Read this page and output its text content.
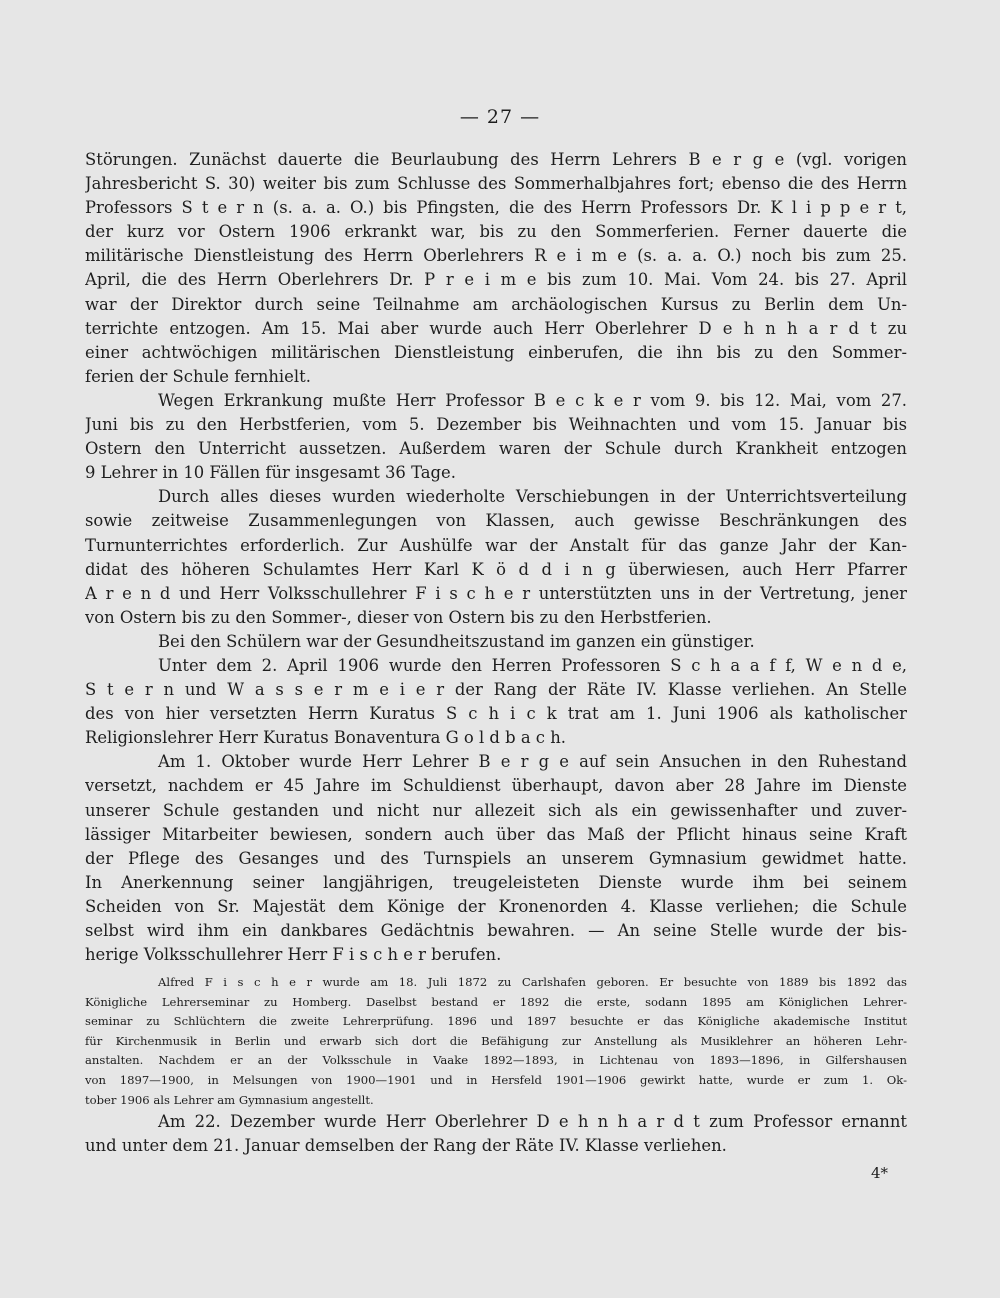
— 27 —
Störungen. Zunächst dauerte die Beurlaubung des Herrn Lehrers B e r g e (vgl. vorigen
Jahresbericht S. 30) weiter bis zum Schlusse des Sommerhalbjahres fort; ebenso die des Herrn
Professors S t e r n (s. a. a. O.) bis Pfingsten, die des Herrn Professors Dr. K l i p p e r t,
der kurz vor Ostern 1906 erkrankt war, bis zu den Sommerferien. Ferner dauerte die
militärische Dienstleistung des Herrn Oberlehrers R e i m e (s. a. a. O.) noch bis zum 25.
April, die des Herrn Oberlehrers Dr. P r e i m e bis zum 10. Mai. Vom 24. bis 27. April
war der Direktor durch seine Teilnahme am archäologischen Kursus zu Berlin dem Un-
terrichte entzogen. Am 15. Mai aber wurde auch Herr Oberlehrer D e h n h a r d t zu
einer achtwöchigen militärischen Dienstleistung einberufen, die ihn bis zu den Sommer-
ferien der Schule fernhielt.
Wegen Erkrankung mußte Herr Professor B e c k e r vom 9. bis 12. Mai, vom 27.
Juni bis zu den Herbstferien, vom 5. Dezember bis Weihnachten und vom 15. Januar bis
Ostern den Unterricht aussetzen. Außerdem waren der Schule durch Krankheit entzogen
9 Lehrer in 10 Fällen für insgesamt 36 Tage.
Durch alles dieses wurden wiederholte Verschiebungen in der Unterrichtsverteilung
sowie zeitweise Zusammenlegungen von Klassen, auch gewisse Beschränkungen des
Turnunterrichtes erforderlich. Zur Aushülfe war der Anstalt für das ganze Jahr der Kan-
didat des höheren Schulamtes Herr Karl K ö d d i n g überwiesen, auch Herr Pfarrer
A r e n d und Herr Volksschullehrer F i s c h e r unterstützten uns in der Vertretung, jener
von Ostern bis zu den Sommer-, dieser von Ostern bis zu den Herbstferien.
Bei den Schülern war der Gesundheitszustand im ganzen ein günstiger.
Unter dem 2. April 1906 wurde den Herren Professoren S c h a a f f, W e n d e,
S t e r n und W a s s e r m e i e r der Rang der Räte IV. Klasse verliehen. An Stelle
des von hier versetzten Herrn Kuratus S c h i c k trat am 1. Juni 1906 als katholischer
Religionslehrer Herr Kuratus Bonaventura G o l d b a c h.
Am 1. Oktober wurde Herr Lehrer B e r g e auf sein Ansuchen in den Ruhestand
versetzt, nachdem er 45 Jahre im Schuldienst überhaupt, davon aber 28 Jahre im Dienste
unserer Schule gestanden und nicht nur allezeit sich als ein gewissenhafter und zuver-
lässiger Mitarbeiter bewiesen, sondern auch über das Maß der Pflicht hinaus seine Kraft
der Pflege des Gesanges und des Turnspiels an unserem Gymnasium gewidmet hatte.
In Anerkennung seiner langjährigen, treugeleisteten Dienste wurde ihm bei seinem
Scheiden von Sr. Majestät dem Könige der Kronenorden 4. Klasse verliehen; die Schule
selbst wird ihm ein dankbares Gedächtnis bewahren. — An seine Stelle wurde der bis-
herige Volksschullehrer Herr F i s c h e r berufen.
Alfred F i s c h e r wurde am 18. Juli 1872 zu Carlshafen geboren. Er besuchte von 1889 bis 1892 das
Königliche Lehrerseminar zu Homberg. Daselbst bestand er 1892 die erste, sodann 1895 am Königlichen Lehrer-
seminar zu Schlüchtern die zweite Lehrerprüfung. 1896 und 1897 besuchte er das Königliche akademische Institut
für Kirchenmusik in Berlin und erwarb sich dort die Befähigung zur Anstellung als Musiklehrer an höheren Lehr-
anstalten. Nachdem er an der Volksschule in Vaake 1892—1893, in Lichtenau von 1893—1896, in Gilfershausen
von 1897—1900, in Melsungen von 1900—1901 und in Hersfeld 1901—1906 gewirkt hatte, wurde er zum 1. Ok-
tober 1906 als Lehrer am Gymnasium angestellt.
Am 22. Dezember wurde Herr Oberlehrer D e h n h a r d t zum Professor ernannt
und unter dem 21. Januar demselben der Rang der Räte IV. Klasse verliehen.
4*
